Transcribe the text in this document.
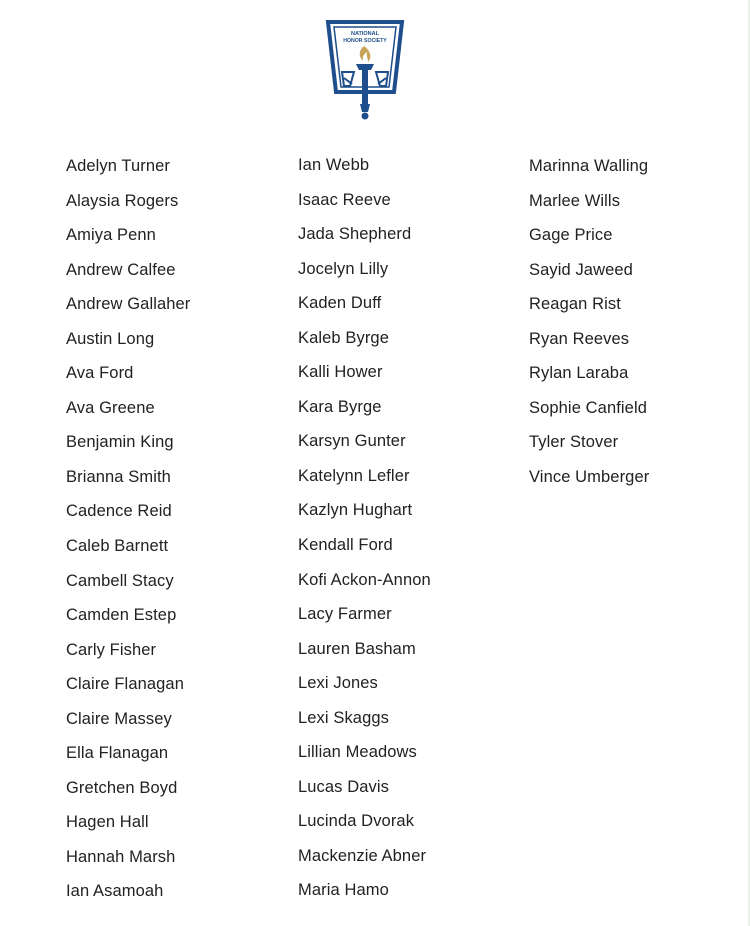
NATIONAL
HONOR SOCIETY
Adelyn Turner
Alaysia Rogers
Amiya Penn
Andrew Calfee
Andrew Gallaher
Austin Long
Ava Ford
Ava Greene
Benjamin King
Brianna Smith
Cadence Reid
Caleb Barnett
Cambell Stacy
Camden Estep
Carly Fisher
Claire Flanagan
Claire Massey
Ella Flanagan
Gretchen Boyd
Hagen Hall
Hannah Marsh
Ian Asamoah
Ian Webb
Isaac Reeve
Jada Shepherd
Jocelyn Lilly
Kaden Duff
Kaleb Byrge
Kalli Hower
Kara Byrge
Karsyn Gunter
Katelynn Lefler
Kazlyn Hughart
Kendall Ford
Kofi Ackon-Annon
Lacy Farmer
Lauren Basham
Lexi Jones
Lexi Skaggs
Lillian Meadows
Lucas Davis
Lucinda Dvorak
Mackenzie Abner
Maria Hamo
Marinna Walling
Marlee Wills
Gage Price
Sayid Jaweed
Reagan Rist
Ryan Reeves
Rylan Laraba
Sophie Canfield
Tyler Stover
Vince Umberger
